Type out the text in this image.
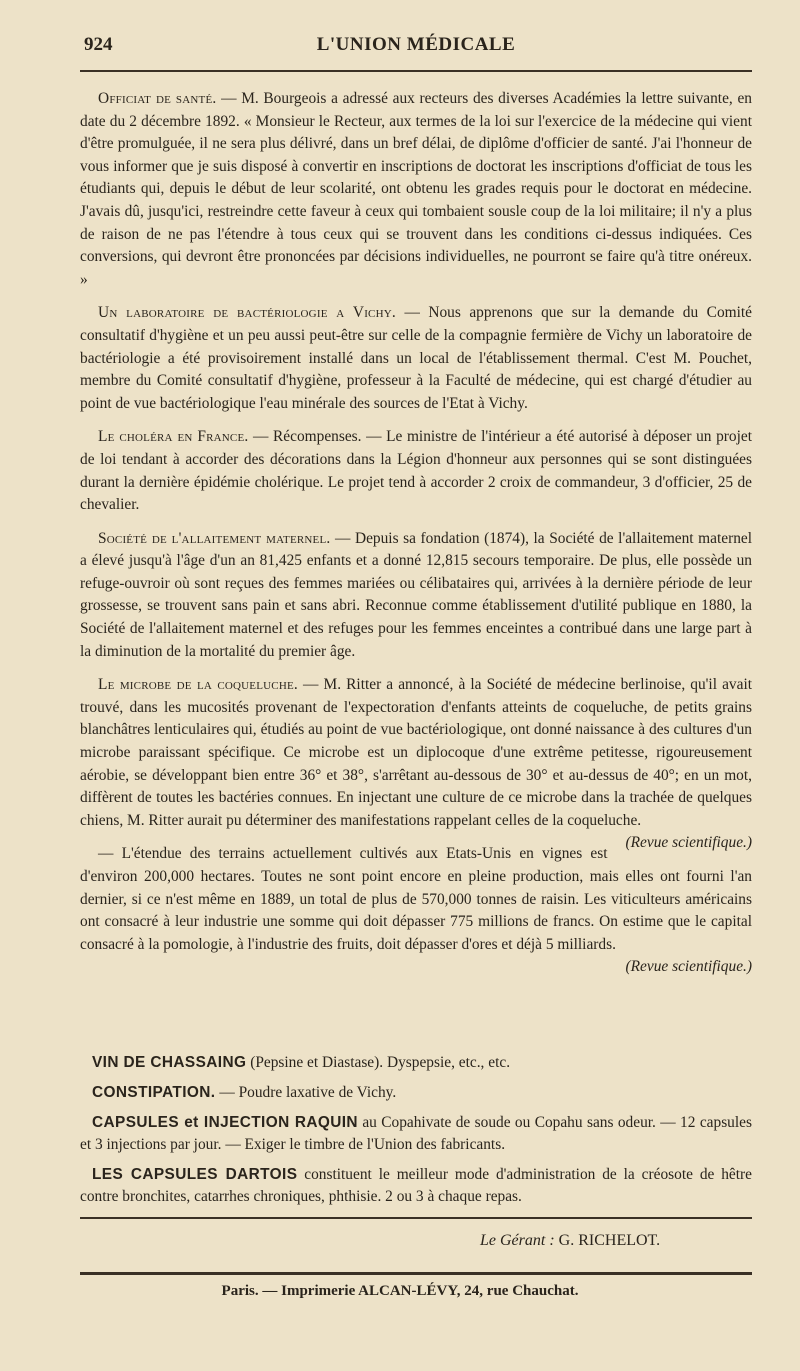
924	L'UNION MÉDICALE

Officiat de santé. — M. Bourgeois a adressé aux recteurs des diverses Académies la lettre suivante, en date du 2 décembre 1892. « Monsieur le Recteur, aux termes de la loi sur l'exercice de la médecine qui vient d'être promulguée, il ne sera plus délivré, dans un bref délai, de diplôme d'officier de santé. J'ai l'honneur de vous informer que je suis disposé à convertir en inscriptions de doctorat les inscriptions d'officiat de tous les étudiants qui, depuis le début de leur scolarité, ont obtenu les grades requis pour le doctorat en médecine. J'avais dû, jusqu'ici, restreindre cette faveur à ceux qui tombaient sousle coup de la loi militaire; il n'y a plus de raison de ne pas l'étendre à tous ceux qui se trouvent dans les conditions ci-dessus indiquées. Ces conversions, qui devront être prononcées par décisions individuelles, ne pourront se faire qu'à titre onéreux. »

Un laboratoire de bactériologie a Vichy. — Nous apprenons que sur la demande du Comité consultatif d'hygiène et un peu aussi peut-être sur celle de la compagnie fermière de Vichy un laboratoire de bactériologie a été provisoirement installé dans un local de l'établissement thermal. C'est M. Pouchet, membre du Comité consultatif d'hygiène, professeur à la Faculté de médecine, qui est chargé d'étudier au point de vue bactériologique l'eau minérale des sources de l'Etat à Vichy.

Le choléra en France. — Récompenses. — Le ministre de l'intérieur a été autorisé à déposer un projet de loi tendant à accorder des décorations dans la Légion d'honneur aux personnes qui se sont distinguées durant la dernière épidémie cholérique. Le projet tend à accorder 2 croix de commandeur, 3 d'officier, 25 de chevalier.

Société de l'allaitement maternel. — Depuis sa fondation (1874), la Société de l'allaitement maternel a élevé jusqu'à l'âge d'un an 81,425 enfants et a donné 12,815 secours temporaire. De plus, elle possède un refuge-ouvroir où sont reçues des femmes mariées ou célibataires qui, arrivées à la dernière période de leur grossesse, se trouvent sans pain et sans abri. Reconnue comme établissement d'utilité publique en 1880, la Société de l'allaitement maternel et des refuges pour les femmes enceintes a contribué dans une large part à la diminution de la mortalité du premier âge.

Le microbe de la coqueluche. — M. Ritter a annoncé, à la Société de médecine berlinoise, qu'il avait trouvé, dans les mucosités provenant de l'expectoration d'enfants atteints de coqueluche, de petits grains blanchâtres lenticulaires qui, étudiés au point de vue bactériologique, ont donné naissance à des cultures d'un microbe paraissant spécifique. Ce microbe est un diplocoque d'une extrême petitesse, rigoureusement aérobie, se développant bien entre 36° et 38°, s'arrêtant au-dessous de 30° et au-dessus de 40°; en un mot, diffèrent de toutes les bactéries connues. En injectant une culture de ce microbe dans la trachée de quelques chiens, M. Ritter aurait pu déterminer des manifestations rappelant celles de la coqueluche.
(Revue scientifique.)

— L'étendue des terrains actuellement cultivés aux Etats-Unis en vignes est d'environ 200,000 hectares. Toutes ne sont point encore en pleine production, mais elles ont fourni l'an dernier, si ce n'est même en 1889, un total de plus de 570,000 tonnes de raisin. Les viticulteurs américains ont consacré à leur industrie une somme qui doit dépasser 775 millions de francs. On estime que le capital consacré à la pomologie, à l'industrie des fruits, doit dépasser d'ores et déjà 5 milliards.
(Revue scientifique.)

VIN DE CHASSAING (Pepsine et Diastase). Dyspepsie, etc., etc.

CONSTIPATION. — Poudre laxative de Vichy.

CAPSULES et INJECTION RAQUIN au Copahivate de soude ou Copahu sans odeur. — 12 capsules et 3 injections par jour. — Exiger le timbre de l'Union des fabricants.

LES CAPSULES DARTOIS constituent le meilleur mode d'administration de la créosote de hêtre contre bronchites, catarrhes chroniques, phthisie. 2 ou 3 à chaque repas.

Le Gérant : G. RICHELOT.
Paris. — Imprimerie ALCAN-LÉVY, 24, rue Chauchat.
